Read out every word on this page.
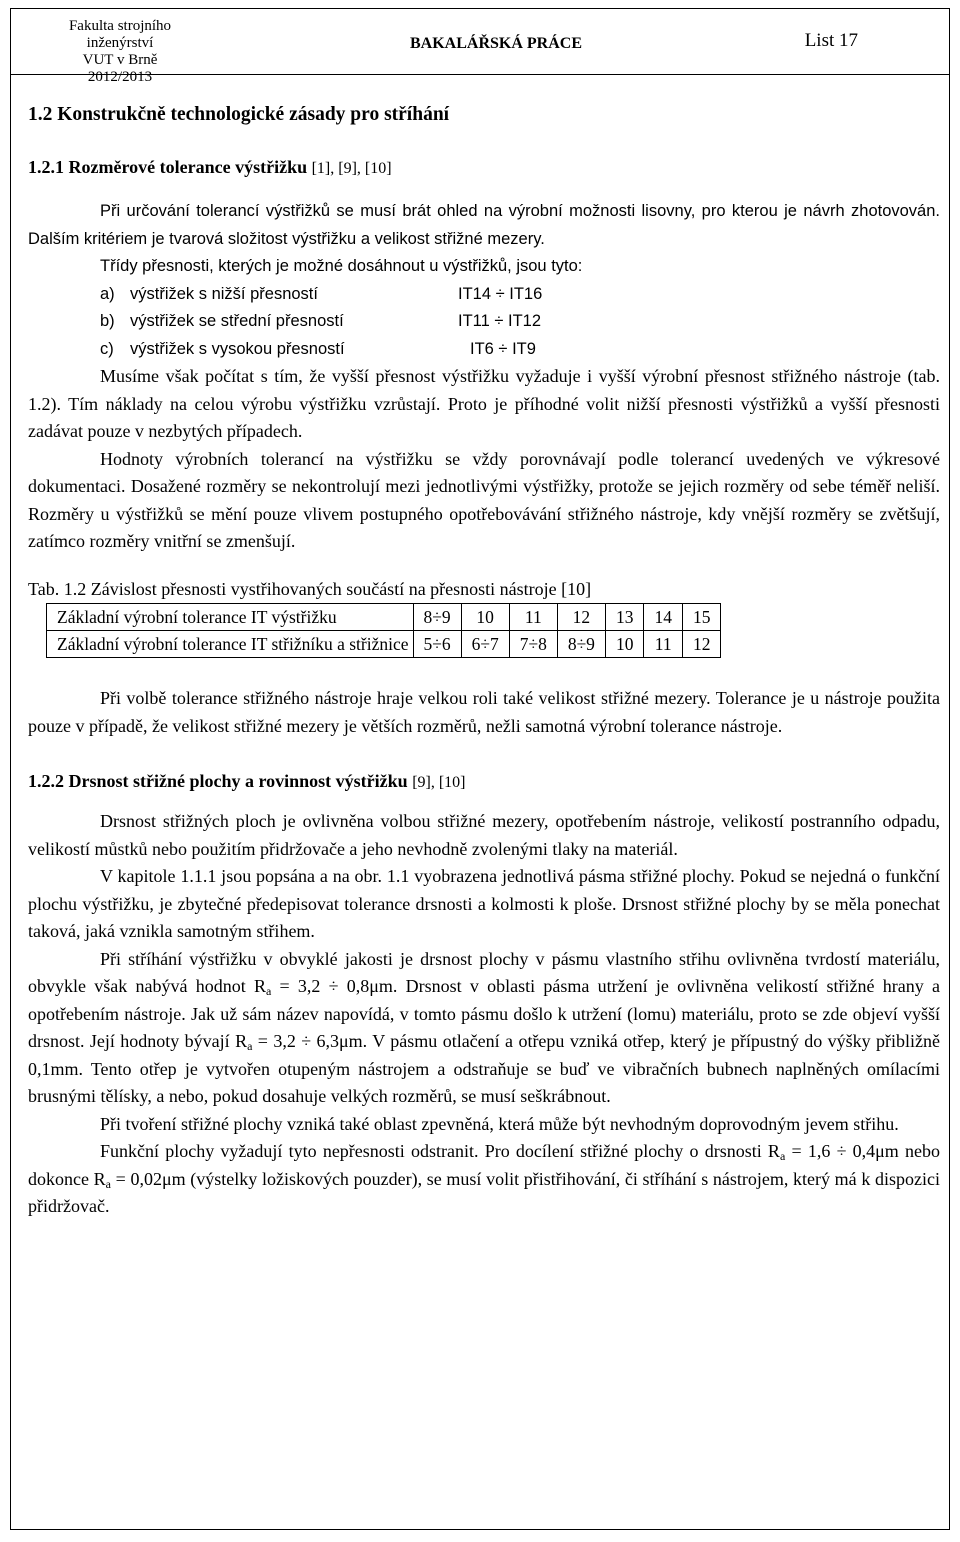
Fakulta strojního inženýrství
VUT v Brně
2012/2013
BAKALÁŘSKÁ PRÁCE	List 17
1.2 Konstrukčně technologické zásady pro stříhání
1.2.1 Rozměrové tolerance výstřižku [1], [9], [10]

Při určování tolerancí výstřižků se musí brát ohled na výrobní možnosti lisovny, pro kterou je návrh zhotovován. Dalším kritériem je tvarová složitost výstřižku a velikost střižné mezery.

Třídy přesnosti, kterých je možné dosáhnout u výstřižků, jsou tyto:

a) výstřižek s nižší přesností	IT14 ÷ IT16
b) výstřižek se střední přesností	IT11 ÷ IT12
c) výstřižek s vysokou přesností	IT6 ÷ IT9

Musíme však počítat s tím, že vyšší přesnost výstřižku vyžaduje i vyšší výrobní přesnost střižného nástroje (tab. 1.2). Tím náklady na celou výrobu výstřižku vzrůstají. Proto je příhodné volit nižší přesnosti výstřižků a vyšší přesnosti zadávat pouze v nezbytých případech.

Hodnoty výrobních tolerancí na výstřižku se vždy porovnávají podle tolerancí uvedených ve výkresové dokumentaci. Dosažené rozměry se nekontrolují mezi jednotlivými výstřižky, protože se jejich rozměry od sebe téměř neliší. Rozměry u výstřižků se mění pouze vlivem postupného opotřebovávání střižného nástroje, kdy vnější rozměry se zvětšují, zatímco rozměry vnitřní se zmenšují.

Tab. 1.2 Závislost přesnosti vystřihovaných součástí na přesnosti nástroje [10]
Základní výrobní tolerance IT výstřižku	8÷9	10	11	12	13	14	15
Základní výrobní tolerance IT střižníku a střižnice	5÷6	6÷7	7÷8	8÷9	10	11	12

Při volbě tolerance střižného nástroje hraje velkou roli také velikost střižné mezery. Tolerance je u nástroje použita pouze v případě, že velikost střižné mezery je větších rozměrů, nežli samotná výrobní tolerance nástroje.

1.2.2 Drsnost střižné plochy a rovinnost výstřižku [9], [10]

Drsnost střižných ploch je ovlivněna volbou střižné mezery, opotřebením nástroje, velikostí postranního odpadu, velikostí můstků nebo použitím přidržovače a jeho nevhodně zvolenými tlaky na materiál.

V kapitole 1.1.1 jsou popsána a na obr. 1.1 vyobrazena jednotlivá pásma střižné plochy. Pokud se nejedná o funkční plochu výstřižku, je zbytečné předepisovat tolerance drsnosti a kolmosti k ploše. Drsnost střižné plochy by se měla ponechat taková, jaká vznikla samotným střihem.

Při stříhání výstřižku v obvyklé jakosti je drsnost plochy v pásmu vlastního střihu ovlivněna tvrdostí materiálu, obvykle však nabývá hodnot $R_a = 3,2 \div 0,8\mu m$. Drsnost v oblasti pásma utržení je ovlivněna velikostí střižné hrany a opotřebením nástroje. Jak už sám název napovídá, v tomto pásmu došlo k utržení (lomu) materiálu, proto se zde objeví vyšší drsnost. Její hodnoty bývají $R_a = 3,2 \div 6,3\mu m$. V pásmu otlačení a otřepu vzniká otřep, který je přípustný do výšky přibližně 0,1mm. Tento otřep je vytvořen otupeným nástrojem a odstraňuje se buď ve vibračních bubnech naplněných omílacími brusnými tělísky, a nebo, pokud dosahuje velkých rozměrů, se musí seškrábnout.

Při tvoření střižné plochy vzniká také oblast zpevněná, která může být nevhodným doprovodným jevem střihu.

Funkční plochy vyžadují tyto nepřesnosti odstranit. Pro docílení střižné plochy o drsnosti $R_a = 1,6 \div 0,4\mu m$ nebo dokonce $R_a = 0,02\mu m$ (výstelky ložiskových pouzder), se musí volit přistřihování, či stříhání s nástrojem, který má k dispozici přidržovač.
